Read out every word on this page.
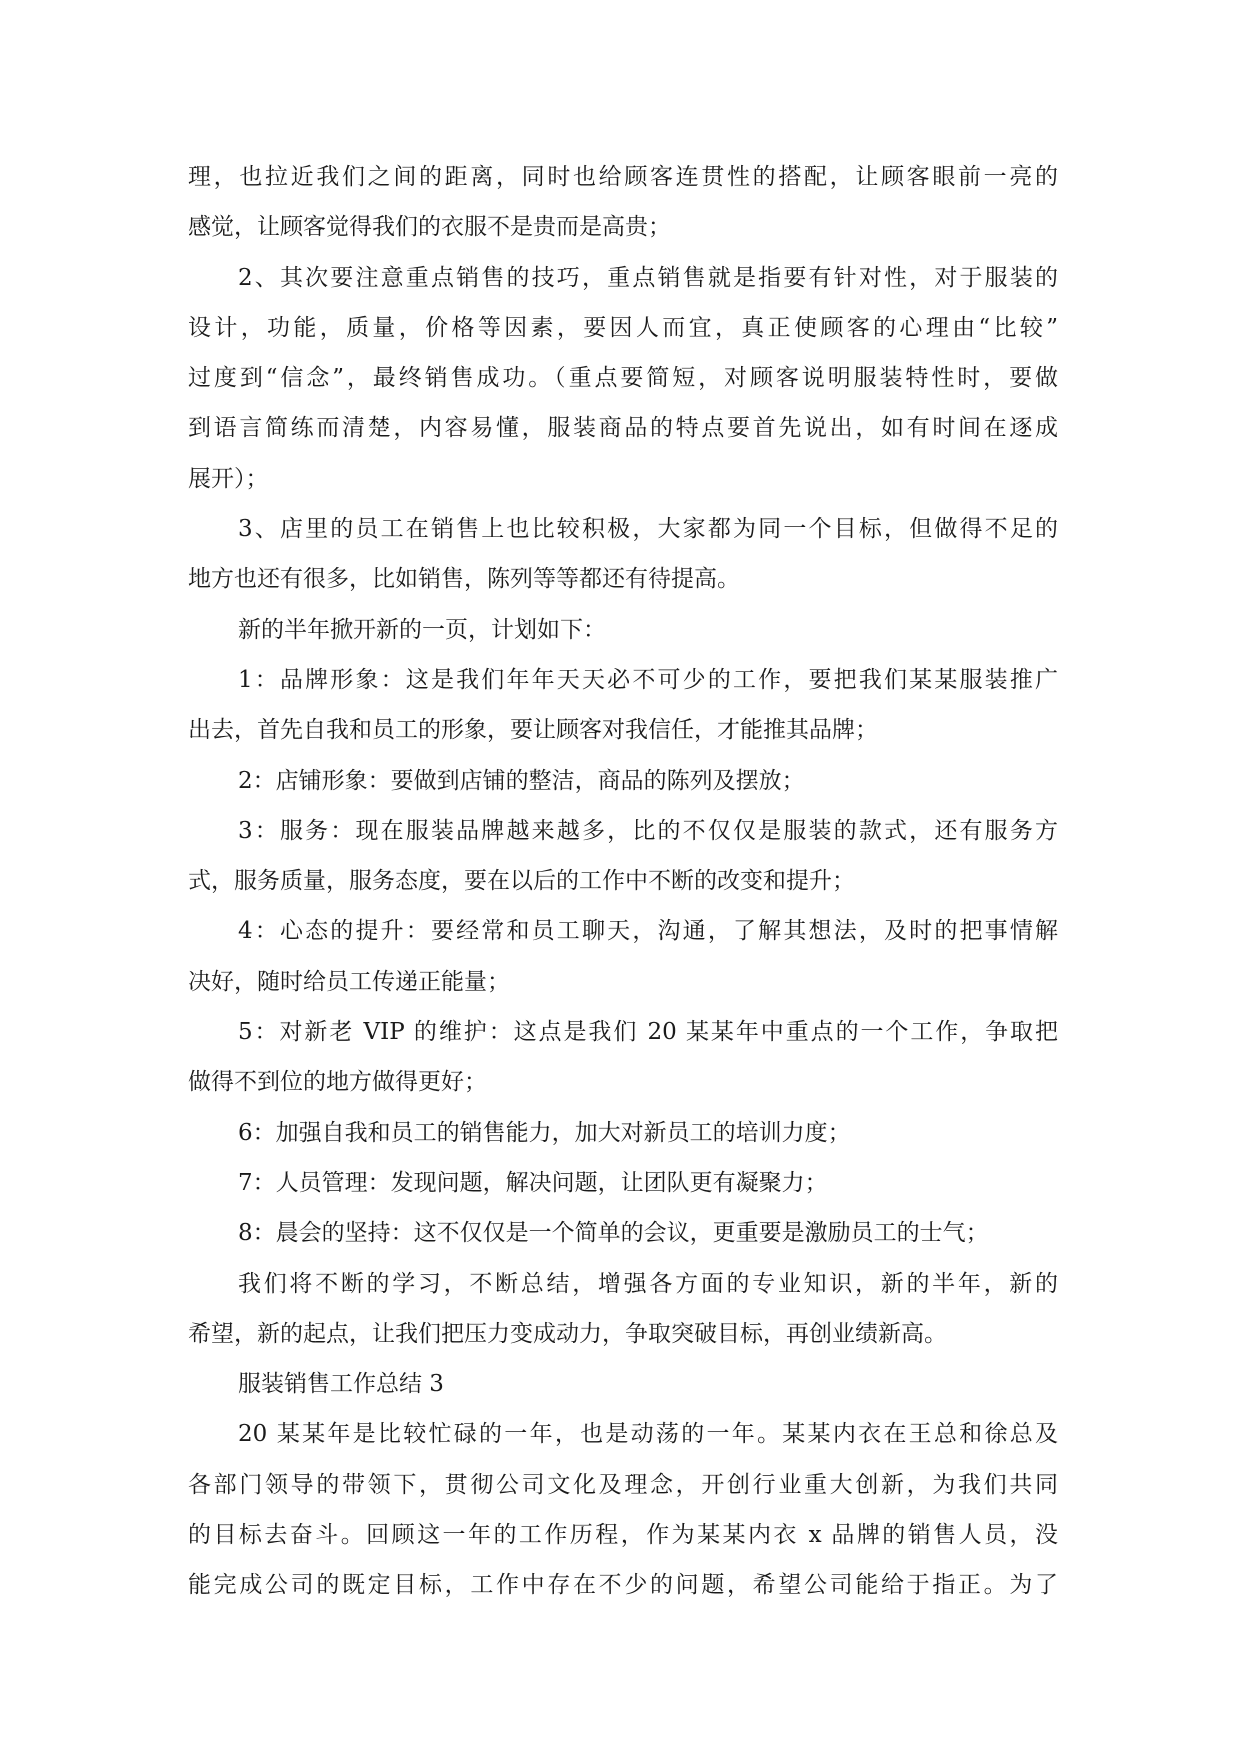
理，也拉近我们之间的距离，同时也给顾客连贯性的搭配，让顾客眼前一亮的
感觉，让顾客觉得我们的衣服不是贵而是高贵；
2、其次要注意重点销售的技巧，重点销售就是指要有针对性，对于服装的
设计，功能，质量，价格等因素，要因人而宜，真正使顾客的心理由“比较”
过度到“信念”，最终销售成功。（重点要简短，对顾客说明服装特性时，要做
到语言简练而清楚，内容易懂，服装商品的特点要首先说出，如有时间在逐成
展开）；
3、店里的员工在销售上也比较积极，大家都为同一个目标，但做得不足的
地方也还有很多，比如销售，陈列等等都还有待提高。
新的半年掀开新的一页，计划如下：
1：品牌形象：这是我们年年天天必不可少的工作，要把我们某某服装推广
出去，首先自我和员工的形象，要让顾客对我信任，才能推其品牌；
2：店铺形象：要做到店铺的整洁，商品的陈列及摆放；
3：服务：现在服装品牌越来越多，比的不仅仅是服装的款式，还有服务方
式，服务质量，服务态度，要在以后的工作中不断的改变和提升；
4：心态的提升：要经常和员工聊天，沟通，了解其想法，及时的把事情解
决好，随时给员工传递正能量；
5：对新老 VIP 的维护：这点是我们 20 某某年中重点的一个工作，争取把
做得不到位的地方做得更好；
6：加强自我和员工的销售能力，加大对新员工的培训力度；
7：人员管理：发现问题，解决问题，让团队更有凝聚力；
8：晨会的坚持：这不仅仅是一个简单的会议，更重要是激励员工的士气；
我们将不断的学习，不断总结，增强各方面的专业知识，新的半年，新的
希望，新的起点，让我们把压力变成动力，争取突破目标，再创业绩新高。
服装销售工作总结 3
20 某某年是比较忙碌的一年，也是动荡的一年。某某内衣在王总和徐总及
各部门领导的带领下，贯彻公司文化及理念，开创行业重大创新，为我们共同
的目标去奋斗。回顾这一年的工作历程，作为某某内衣 x 品牌的销售人员，没
能完成公司的既定目标，工作中存在不少的问题，希望公司能给于指正。为了
